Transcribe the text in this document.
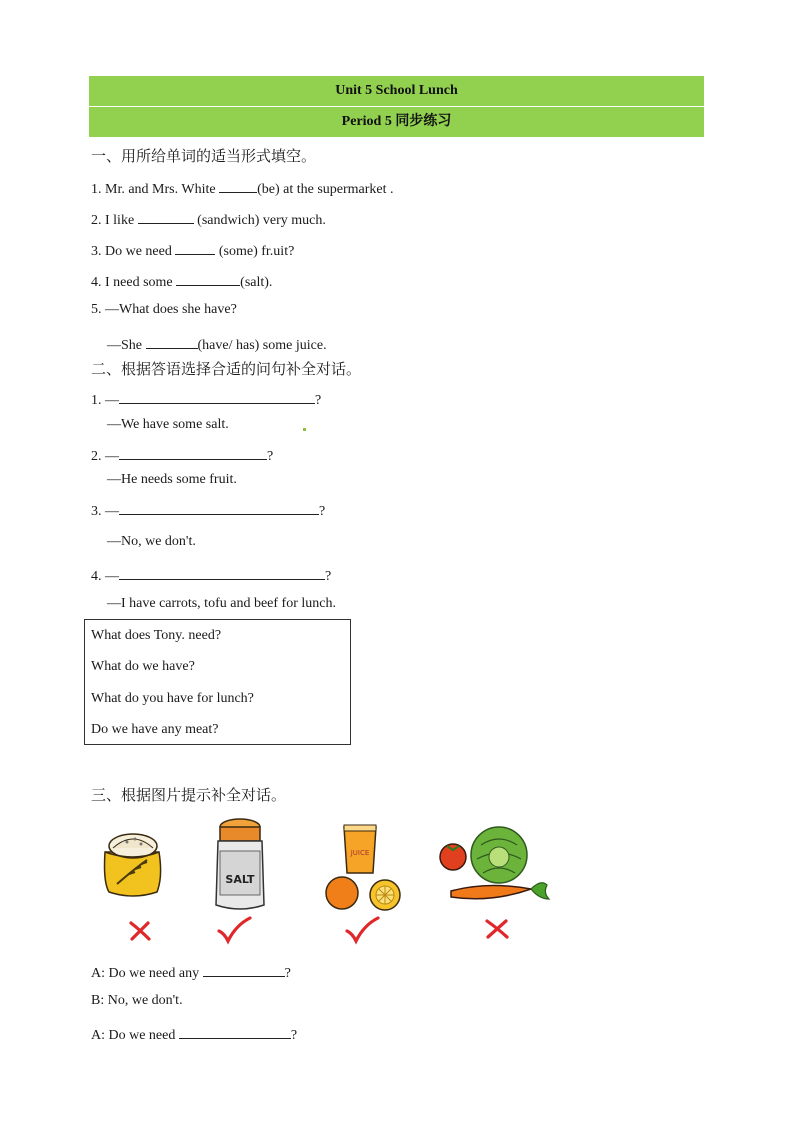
Unit 5 School Lunch
Period 5 同步练习
一、用所给单词的适当形式填空。
1. Mr. and Mrs. White	(be) at the supermarket .
2. I like	(sandwich) very much.
3. Do we need	(some) fr.uit?
4. I need some	(salt).
5. —What does she have?
—She	(have/ has) some juice.
二、根据答语选择合适的问句补全对话。
1. —	?
—We have some salt.
2. —	?
—He needs some fruit.
3. —	?
—No, we don't.
4. —	?
—I have carrots, tofu and beef for lunch.
What does Tony. need?
What do we have?
What do you have for lunch?
Do we have any meat?
三、根据图片提示补全对话。
SALT
JUICE
A: Do we need any	?
B: No, we don't.
A: Do we need	?
